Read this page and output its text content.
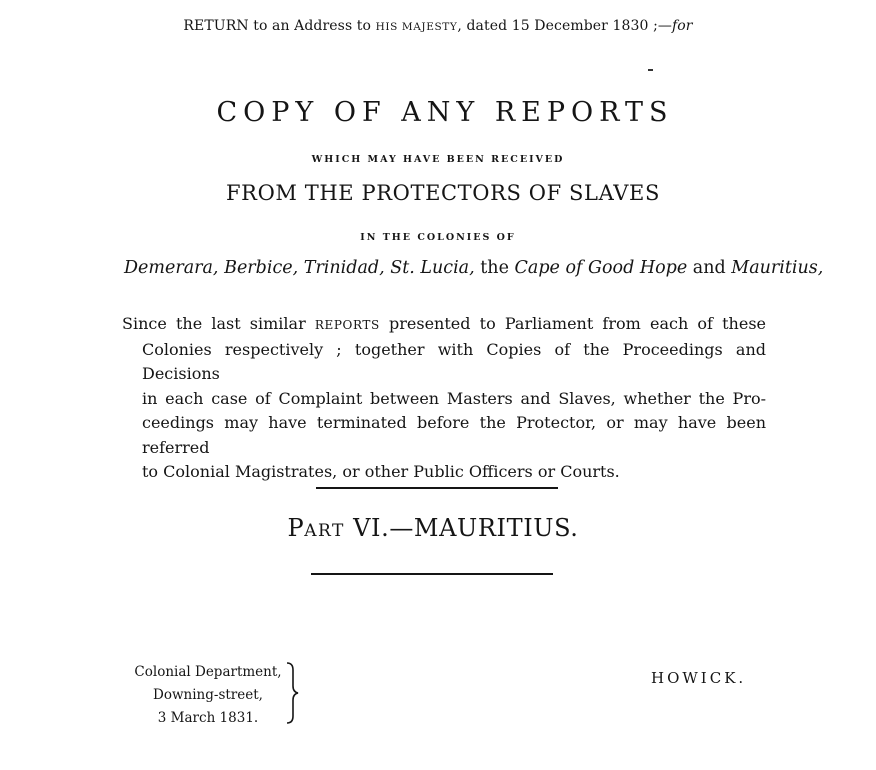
RETURN to an Address to HIS MAJESTY, dated 15 December 1830 ;—for
COPY OF ANY REPORTS
WHICH MAY HAVE BEEN RECEIVED
FROM THE PROTECTORS OF SLAVES
IN THE COLONIES OF
Demerara, Berbice, Trinidad, St. Lucia, the Cape of Good Hope and Mauritius,
Since the last similar REPORTS presented to Parliament from each of these
Colonies respectively ; together with Copies of the Proceedings and Decisions
in each case of Complaint between Masters and Slaves, whether the Pro-
ceedings may have terminated before the Protector, or may have been referred
to Colonial Magistrates, or other Public Officers or Courts.
PART VI.—MAURITIUS.
Colonial Department,
Downing-street,
3 March 1831.
HOWICK.
